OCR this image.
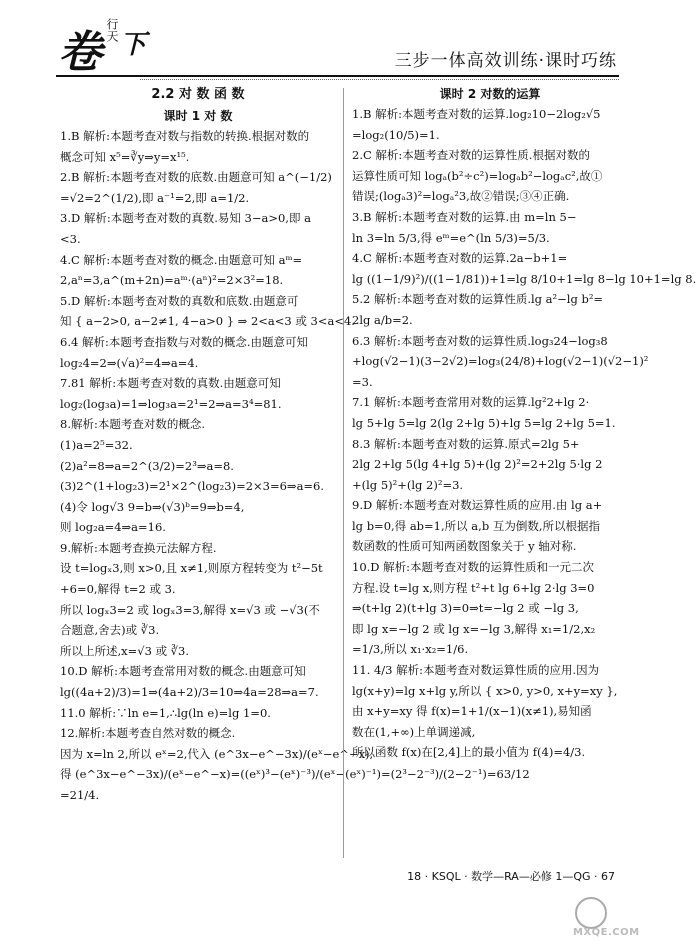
卷 行天 下
三步一体高效训练·课时巧练
2.2 对 数 函 数
课时 1 对 数
1.B 解析:本题考查对数与指数的转换.根据对数的
概念可知 x⁵=∛y⇒y=x¹⁵.
2.B 解析:本题考查对数的底数.由题意可知 a^(−1/2)
=√2=2^(1/2),即 a⁻¹=2,即 a=1/2.
3.D 解析:本题考查对数的真数.易知 3−a>0,即 a
<3.
4.C 解析:本题考查对数的概念.由题意可知 aᵐ=
2,aⁿ=3,a^(m+2n)=aᵐ·(aⁿ)²=2×3²=18.
5.D 解析:本题考查对数的真数和底数.由题意可
知 { a−2>0, a−2≠1, 4−a>0 } ⇒ 2<a<3 或 3<a<4.
6.4 解析:本题考查指数与对数的概念.由题意可知
log₂4=2⇒(√a)²=4⇒a=4.
7.81 解析:本题考查对数的真数.由题意可知
log₂(log₃a)=1⇒log₃a=2¹=2⇒a=3⁴=81.
8.解析:本题考查对数的概念.
(1)a=2⁵=32.
(2)a²=8⇒a=2^(3/2)=2³⇒a=8.
(3)2^(1+log₂3)=2¹×2^(log₂3)=2×3=6⇒a=6.
(4)令 log√3 9=b⇒(√3)ᵇ=9⇒b=4,
则 log₂a=4⇒a=16.
9.解析:本题考查换元法解方程.
设 t=logₓ3,则 x>0,且 x≠1,则原方程转变为 t²−5t
+6=0,解得 t=2 或 3.
所以 logₓ3=2 或 logₓ3=3,解得 x=√3 或 −√3(不
合题意,舍去)或 ∛3.
所以上所述,x=√3 或 ∛3.
10.D 解析:本题考查常用对数的概念.由题意可知
lg((4a+2)/3)=1⇒(4a+2)/3=10⇒4a=28⇒a=7.
11.0 解析:∵ln e=1,∴lg(ln e)=lg 1=0.
12.解析:本题考查自然对数的概念.
因为 x=ln 2,所以 eˣ=2,代入 (e^3x−e^−3x)/(eˣ−e^−x),
得 (e^3x−e^−3x)/(eˣ−e^−x)=((eˣ)³−(eˣ)⁻³)/(eˣ−(eˣ)⁻¹)=(2³−2⁻³)/(2−2⁻¹)=63/12
=21/4.
课时 2 对数的运算
1.B 解析:本题考查对数的运算.log₂10−2log₂√5
=log₂(10/5)=1.
2.C 解析:本题考查对数的运算性质.根据对数的
运算性质可知 logₐ(b²÷c²)=logₐb²−logₐc²,故①
错误;(logₐ3)²=logₐ²3,故②错误;③④正确.
3.B 解析:本题考查对数的运算.由 m=ln 5−
ln 3=ln 5/3,得 eᵐ=e^(ln 5/3)=5/3.
4.C 解析:本题考查对数的运算.2a−b+1=
lg ((1−1/9)²)/((1−1/81))+1=lg 8/10+1=lg 8−lg 10+1=lg 8.
5.2 解析:本题考查对数的运算性质.lg a²−lg b²=
2lg a/b=2.
6.3 解析:本题考查对数的运算性质.log₃24−log₃8
+log(√2−1)(3−2√2)=log₃(24/8)+log(√2−1)(√2−1)²
=3.
7.1 解析:本题考查常用对数的运算.lg²2+lg 2·
lg 5+lg 5=lg 2(lg 2+lg 5)+lg 5=lg 2+lg 5=1.
8.3 解析:本题考查对数的运算.原式=2lg 5+
2lg 2+lg 5(lg 4+lg 5)+(lg 2)²=2+2lg 5·lg 2
+(lg 5)²+(lg 2)²=3.
9.D 解析:本题考查对数运算性质的应用.由 lg a+
lg b=0,得 ab=1,所以 a,b 互为倒数,所以根据指
数函数的性质可知两函数图象关于 y 轴对称.
10.D 解析:本题考查对数的运算性质和一元二次
方程.设 t=lg x,则方程 t²+t lg 6+lg 2·lg 3=0
⇒(t+lg 2)(t+lg 3)=0⇒t=−lg 2 或 −lg 3,
即 lg x=−lg 2 或 lg x=−lg 3,解得 x₁=1/2,x₂
=1/3,所以 x₁·x₂=1/6.
11. 4/3 解析:本题考查对数运算性质的应用.因为
lg(x+y)=lg x+lg y,所以 { x>0, y>0, x+y=xy },
由 x+y=xy 得 f(x)=1+1/(x−1)(x≠1),易知函
数在(1,+∞)上单调递减,
所以函数 f(x)在[2,4]上的最小值为 f(4)=4/3.
18 · KSQL · 数学—RA—必修 1—QG · 67
MXQE.COM
